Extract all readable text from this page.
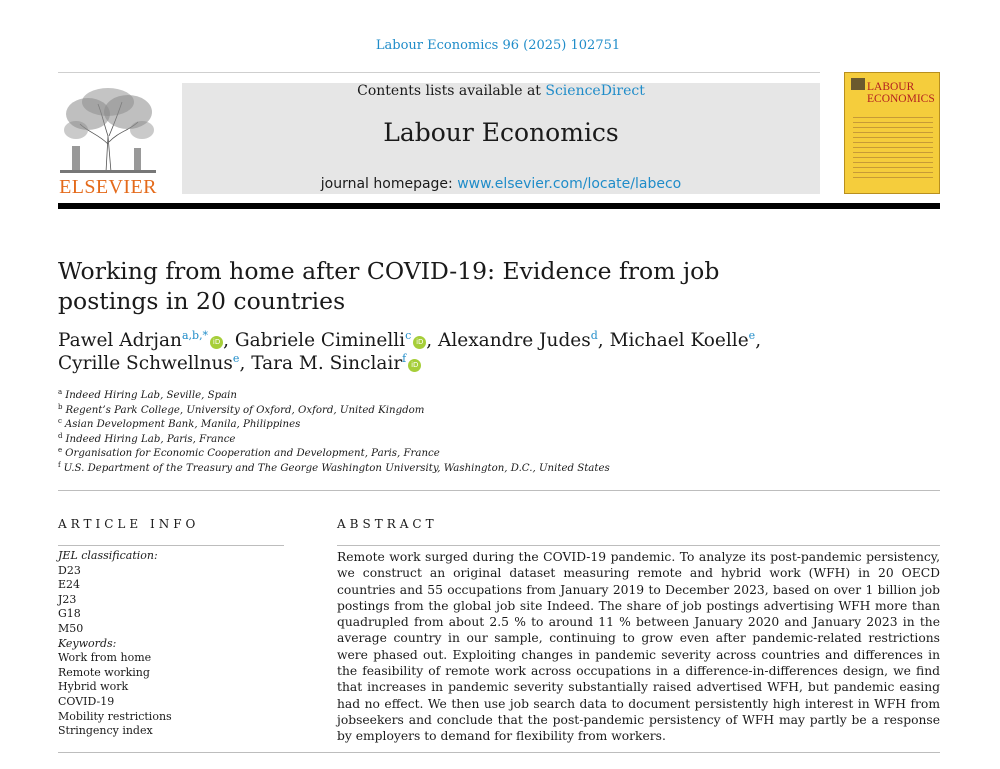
Labour Economics 96 (2025) 102751
ELSEVIER
Contents lists available at ScienceDirect
Labour Economics
journal homepage: www.elsevier.com/locate/labeco
LABOUR
ECONOMICS
Working from home after COVID-19: Evidence from job postings in 20 countries
Pawel Adrjan$^{a,b,*}$iD , Gabriele Ciminelli$^c$iD , Alexandre Judes$^d$, Michael Koelle$^e$,
Cyrille Schwellnus$^e$, Tara M. Sinclair$^f$iD
$^a$ Indeed Hiring Lab, Seville, Spain
$^b$ Regent’s Park College, University of Oxford, Oxford, United Kingdom
$^c$ Asian Development Bank, Manila, Philippines
$^d$ Indeed Hiring Lab, Paris, France
$^e$ Organisation for Economic Cooperation and Development, Paris, France
$^f$ U.S. Department of the Treasury and The George Washington University, Washington, D.C., United States
ARTICLE INFO
JEL classification:
D23
E24
J23
G18
M50
Keywords:
Work from home
Remote working
Hybrid work
COVID-19
Mobility restrictions
Stringency index
ABSTRACT
Remote work surged during the COVID-19 pandemic. To analyze its post-pandemic persistency, we construct an original dataset measuring remote and hybrid work (WFH) in 20 OECD countries and 55 occupations from January 2019 to December 2023, based on over 1 billion job postings from the global job site Indeed. The share of job postings advertising WFH more than quadrupled from about 2.5 % to around 11 % between January 2020 and January 2023 in the average country in our sample, continuing to grow even after pandemic-related restrictions were phased out. Exploiting changes in pandemic severity across countries and differences in the feasibility of remote work across occupations in a difference-in-differences design, we find that increases in pandemic severity substantially raised advertised WFH, but pandemic easing had no effect. We then use job search data to document persistently high interest in WFH from jobseekers and conclude that the post-pandemic persistency of WFH may partly be a response by employers to demand for flexibility from workers.
